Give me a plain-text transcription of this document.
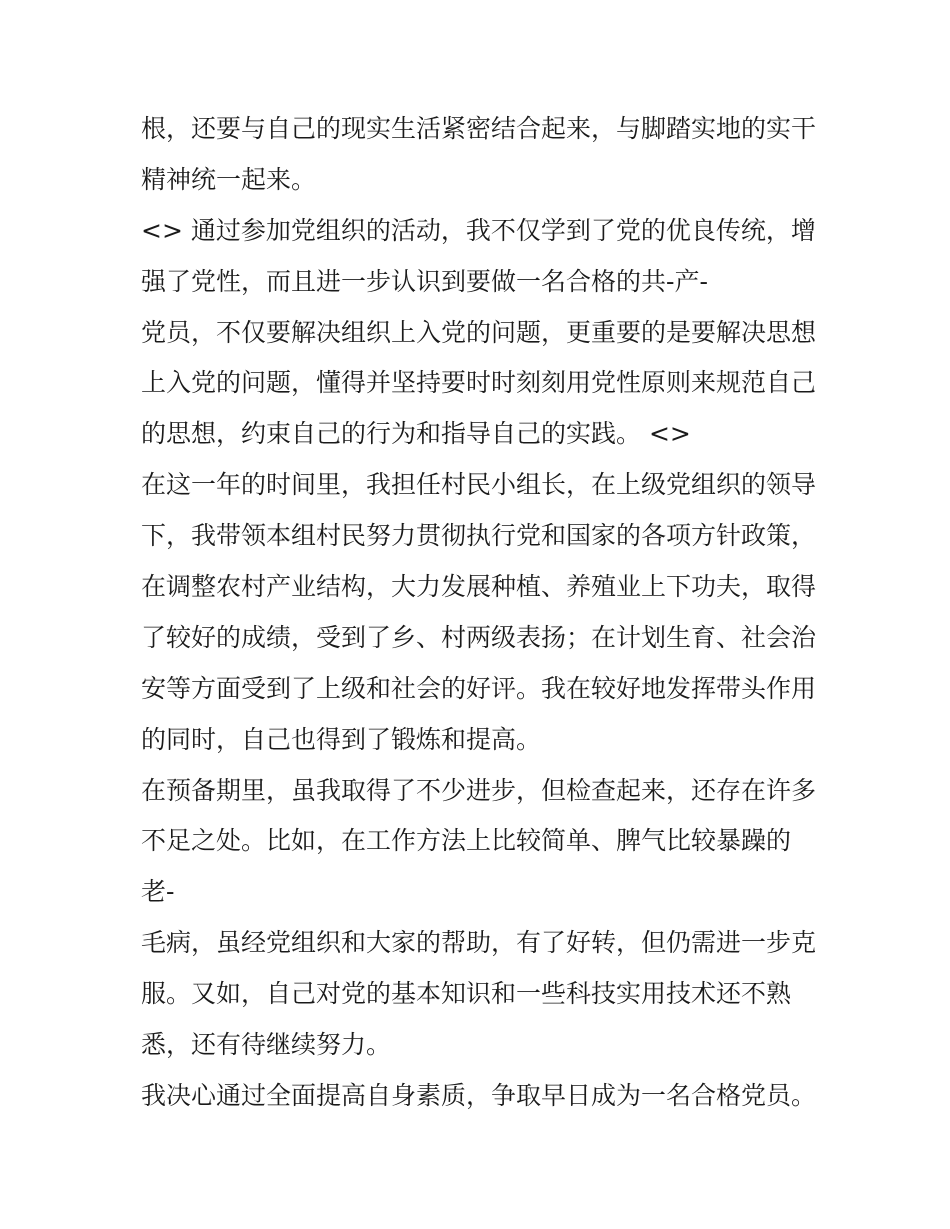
根，还要与自己的现实生活紧密结合起来，与脚踏实地的实干
精神统一起来。
<> 通过参加党组织的活动，我不仅学到了党的优良传统，增
强了党性，而且进一步认识到要做一名合格的共-产-
党员，不仅要解决组织上入党的问题，更重要的是要解决思想
上入党的问题，懂得并坚持要时时刻刻用党性原则来规范自己
的思想，约束自己的行为和指导自己的实践。 <>
在这一年的时间里，我担任村民小组长，在上级党组织的领导
下，我带领本组村民努力贯彻执行党和国家的各项方针政策，
在调整农村产业结构，大力发展种植、养殖业上下功夫，取得
了较好的成绩，受到了乡、村两级表扬；在计划生育、社会治
安等方面受到了上级和社会的好评。我在较好地发挥带头作用
的同时，自己也得到了锻炼和提高。
在预备期里，虽我取得了不少进步，但检查起来，还存在许多
不足之处。比如，在工作方法上比较简单、脾气比较暴躁的
老-
毛病，虽经党组织和大家的帮助，有了好转，但仍需进一步克
服。又如，自己对党的基本知识和一些科技实用技术还不熟
悉，还有待继续努力。
我决心通过全面提高自身素质，争取早日成为一名合格党员。
